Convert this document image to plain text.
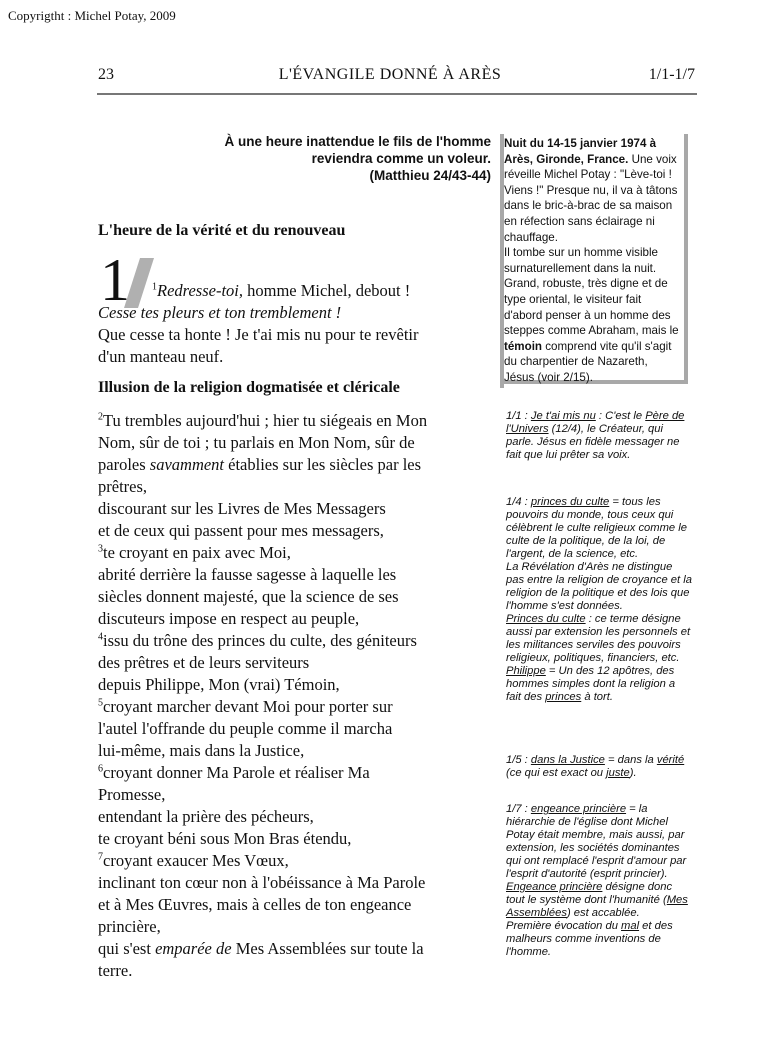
Copyrigtht : Michel Potay, 2009
23	L'ÉVANGILE DONNÉ À ARÈS	1/1-1/7
À une heure inattendue le fils de l'homme
reviendra comme un voleur.
(Matthieu 24/43-44)
Nuit du 14-15 janvier 1974 à Arès, Gironde, France. Une voix réveille Michel Potay : "Lève-toi ! Viens !" Presque nu, il va à tâtons dans le bric-à-brac de sa maison en réfection sans éclairage ni chauffage.
Il tombe sur un homme visible surnaturellement dans la nuit. Grand, robuste, très digne et de type oriental, le visiteur fait d'abord penser à un homme des steppes comme Abraham, mais le témoin comprend vite qu'il s'agit du charpentier de Nazareth, Jésus (voir 2/15).
L'heure de la vérité et du renouveau
1 $^1$Redresse-toi, homme Michel, debout !
Cesse tes pleurs et ton tremblement !
Que cesse ta honte ! Je t'ai mis nu pour te revêtir
d'un manteau neuf.
Illusion de la religion dogmatisée et cléricale
$^2$Tu trembles aujourd'hui ; hier tu siégeais en Mon
Nom, sûr de toi ; tu parlais en Mon Nom, sûr de
paroles savamment établies sur les siècles par les
prêtres,
discourant sur les Livres de Mes Messagers
et de ceux qui passent pour mes messagers,
$^3$te croyant en paix avec Moi,
abrité derrière la fausse sagesse à laquelle les
siècles donnent majesté, que la science de ses
discuteurs impose en respect au peuple,
$^4$issu du trône des princes du culte, des géniteurs
des prêtres et de leurs serviteurs
depuis Philippe, Mon (vrai) Témoin,
$^5$croyant marcher devant Moi pour porter sur
l'autel l'offrande du peuple comme il marcha
lui-même, mais dans la Justice,
$^6$croyant donner Ma Parole et réaliser Ma
Promesse,
entendant la prière des pécheurs,
te croyant béni sous Mon Bras étendu,
$^7$croyant exaucer Mes Vœux,
inclinant ton cœur non à l'obéissance à Ma Parole
et à Mes Œuvres, mais à celles de ton engeance
princière,
qui s'est emparée de Mes Assemblées sur toute la
terre.
1/1 : Je t'ai mis nu : C'est le Père de l'Univers (12/4), le Créateur, qui parle. Jésus en fidèle messager ne fait que lui prêter sa voix.
1/4 : princes du culte = tous les pouvoirs du monde, tous ceux qui célèbrent le culte religieux comme le culte de la politique, de la loi, de l'argent, de la science, etc.
La Révélation d'Arès ne distingue pas entre la religion de croyance et la religion de la politique et des lois que l'homme s'est données.
Princes du culte : ce terme désigne aussi par extension les personnels et les militances serviles des pouvoirs religieux, politiques, financiers, etc.
Philippe = Un des 12 apôtres, des hommes simples dont la religion a fait des princes à tort.
1/5 : dans la Justice = dans la vérité (ce qui est exact ou juste).
1/7 : engeance princière = la hiérarchie de l'église dont Michel Potay était membre, mais aussi, par extension, les sociétés dominantes qui ont remplacé l'esprit d'amour par l'esprit d'autorité (esprit princier).
Engeance princière désigne donc tout le système dont l'humanité (Mes Assemblées) est accablée.
Première évocation du mal et des malheurs comme inventions de l'homme.
